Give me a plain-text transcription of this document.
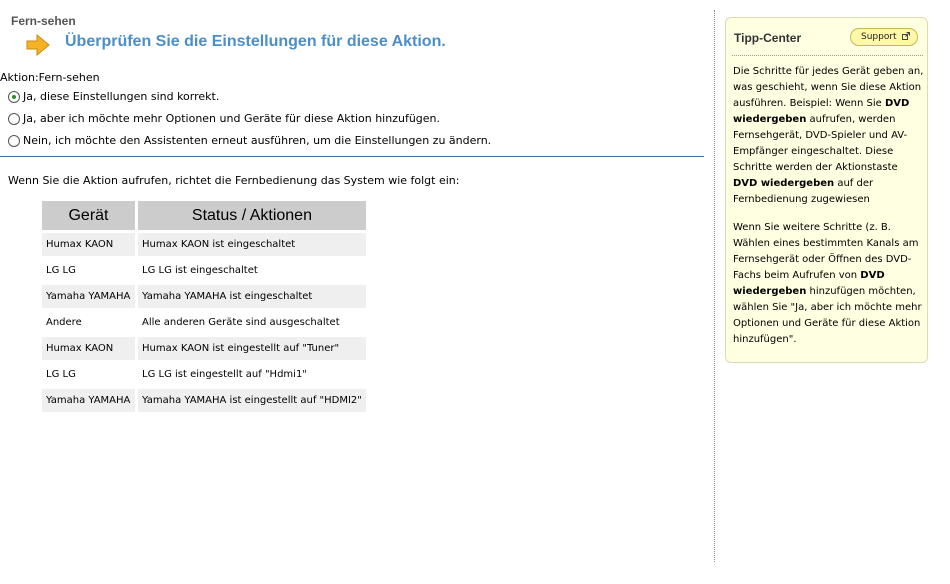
Fern-sehen
Überprüfen Sie die Einstellungen für diese Aktion.
Aktion:Fern-sehen
Ja, diese Einstellungen sind korrekt.
Ja, aber ich möchte mehr Optionen und Geräte für diese Aktion hinzufügen.
Nein, ich möchte den Assistenten erneut ausführen, um die Einstellungen zu ändern.
Wenn Sie die Aktion aufrufen, richtet die Fernbedienung das System wie folgt ein:
Gerät	Status / Aktionen
Humax KAON	Humax KAON ist eingeschaltet
LG LG	LG LG ist eingeschaltet
Yamaha YAMAHA	Yamaha YAMAHA ist eingeschaltet
Andere	Alle anderen Geräte sind ausgeschaltet
Humax KAON	Humax KAON ist eingestellt auf "Tuner"
LG LG	LG LG ist eingestellt auf "Hdmi1"
Yamaha YAMAHA	Yamaha YAMAHA ist eingestellt auf "HDMI2"
Tipp-Center	Support

Die Schritte für jedes Gerät geben an, was geschieht, wenn Sie diese Aktion ausführen. Beispiel: Wenn Sie DVD wiedergeben aufrufen, werden Fernsehgerät, DVD-Spieler und AV-Empfänger eingeschaltet. Diese Schritte werden der Aktionstaste DVD wiedergeben auf der Fernbedienung zugewiesen

Wenn Sie weitere Schritte (z. B. Wählen eines bestimmten Kanals am Fernsehgerät oder Öffnen des DVD-Fachs beim Aufrufen von DVD wiedergeben hinzufügen möchten, wählen Sie "Ja, aber ich möchte mehr Optionen und Geräte für diese Aktion hinzufügen".
